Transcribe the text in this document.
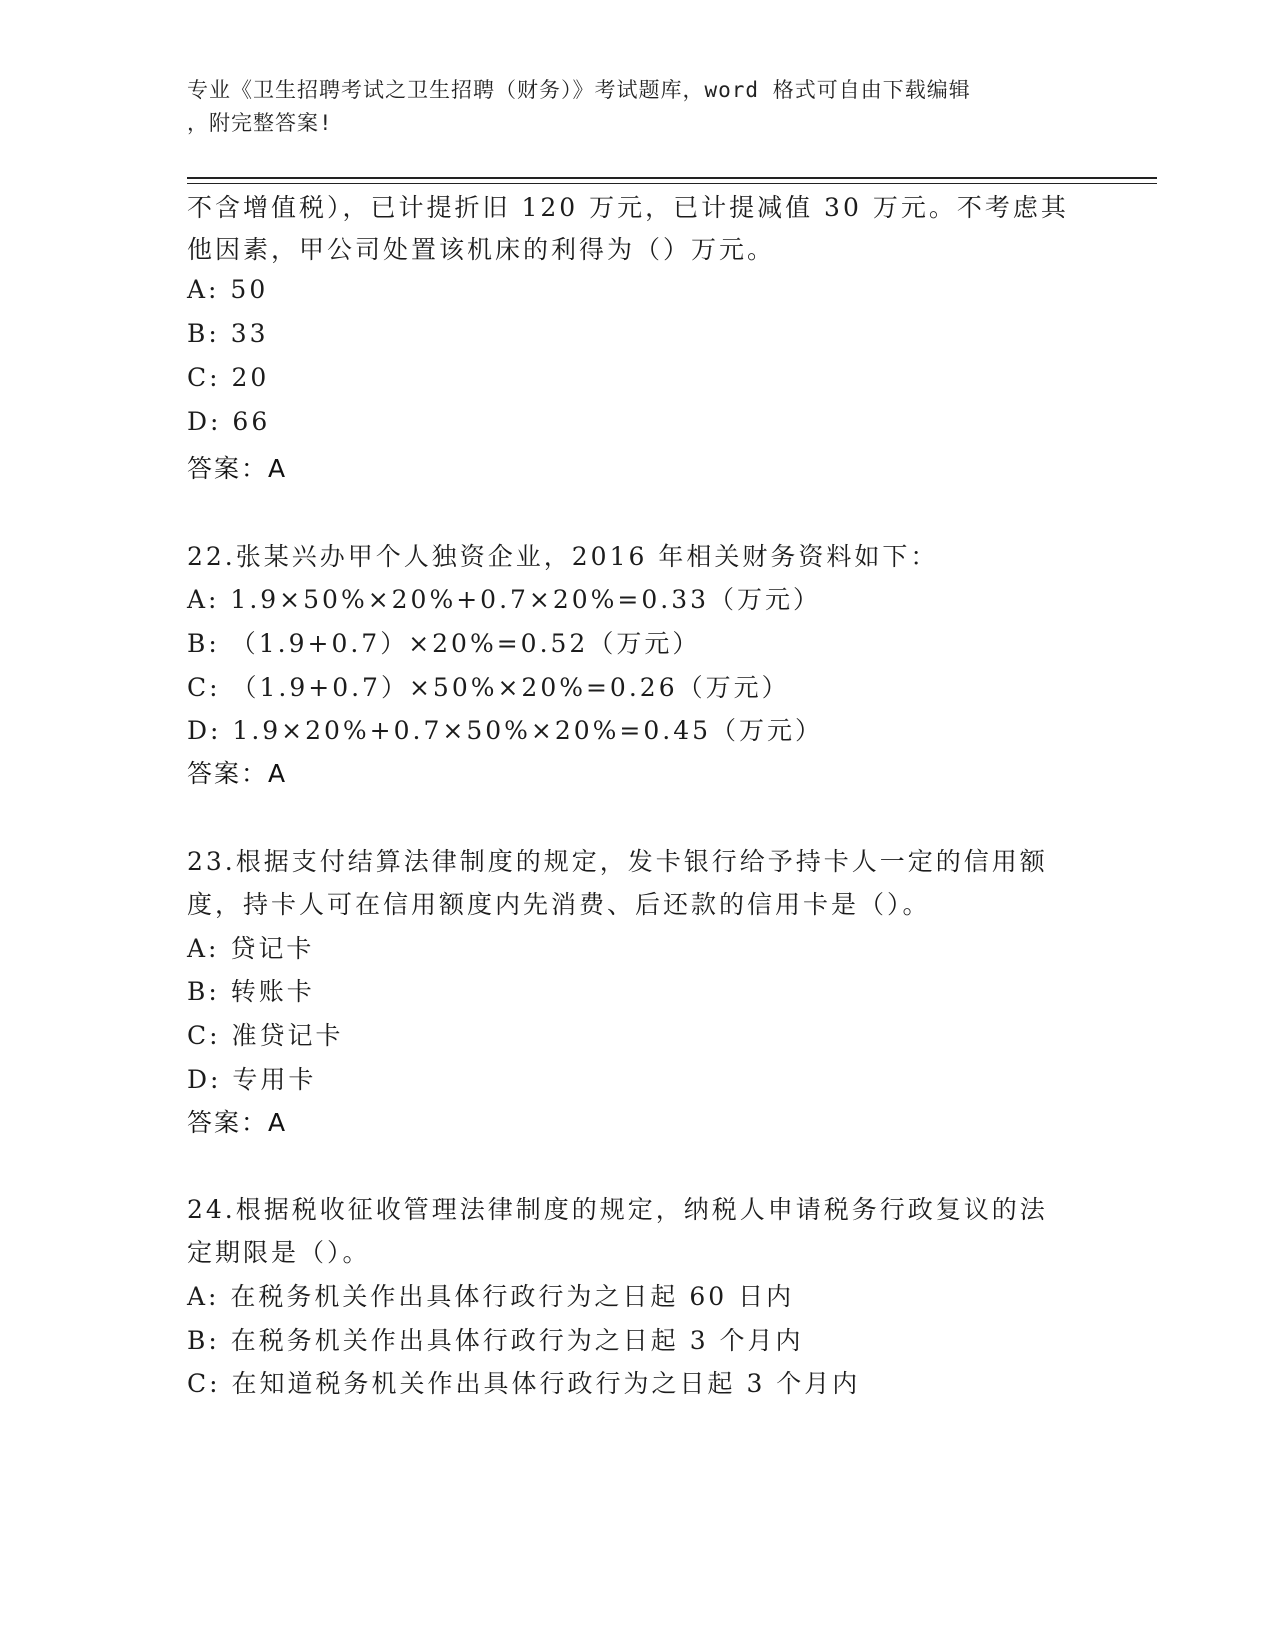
专业《卫生招聘考试之卫生招聘（财务）》考试题库，word 格式可自由下载编辑
，附完整答案!
不含增值税），已计提折旧 120 万元，已计提减值 30 万元。不考虑其
他因素，甲公司处置该机床的利得为（）万元。
A: 50
B: 33
C: 20
D: 66
答案：A
22.张某兴办甲个人独资企业，2016 年相关财务资料如下：
A: 1.9×50%×20%+0.7×20%=0.33（万元）
B: （1.9+0.7）×20%=0.52（万元）
C: （1.9+0.7）×50%×20%=0.26（万元）
D: 1.9×20%+0.7×50%×20%=0.45（万元）
答案：A
23.根据支付结算法律制度的规定，发卡银行给予持卡人一定的信用额
度，持卡人可在信用额度内先消费、后还款的信用卡是（）。
A: 贷记卡
B: 转账卡
C: 准贷记卡
D: 专用卡
答案：A
24.根据税收征收管理法律制度的规定，纳税人申请税务行政复议的法
定期限是（）。
A: 在税务机关作出具体行政行为之日起 60 日内
B: 在税务机关作出具体行政行为之日起 3 个月内
C: 在知道税务机关作出具体行政行为之日起 3 个月内
